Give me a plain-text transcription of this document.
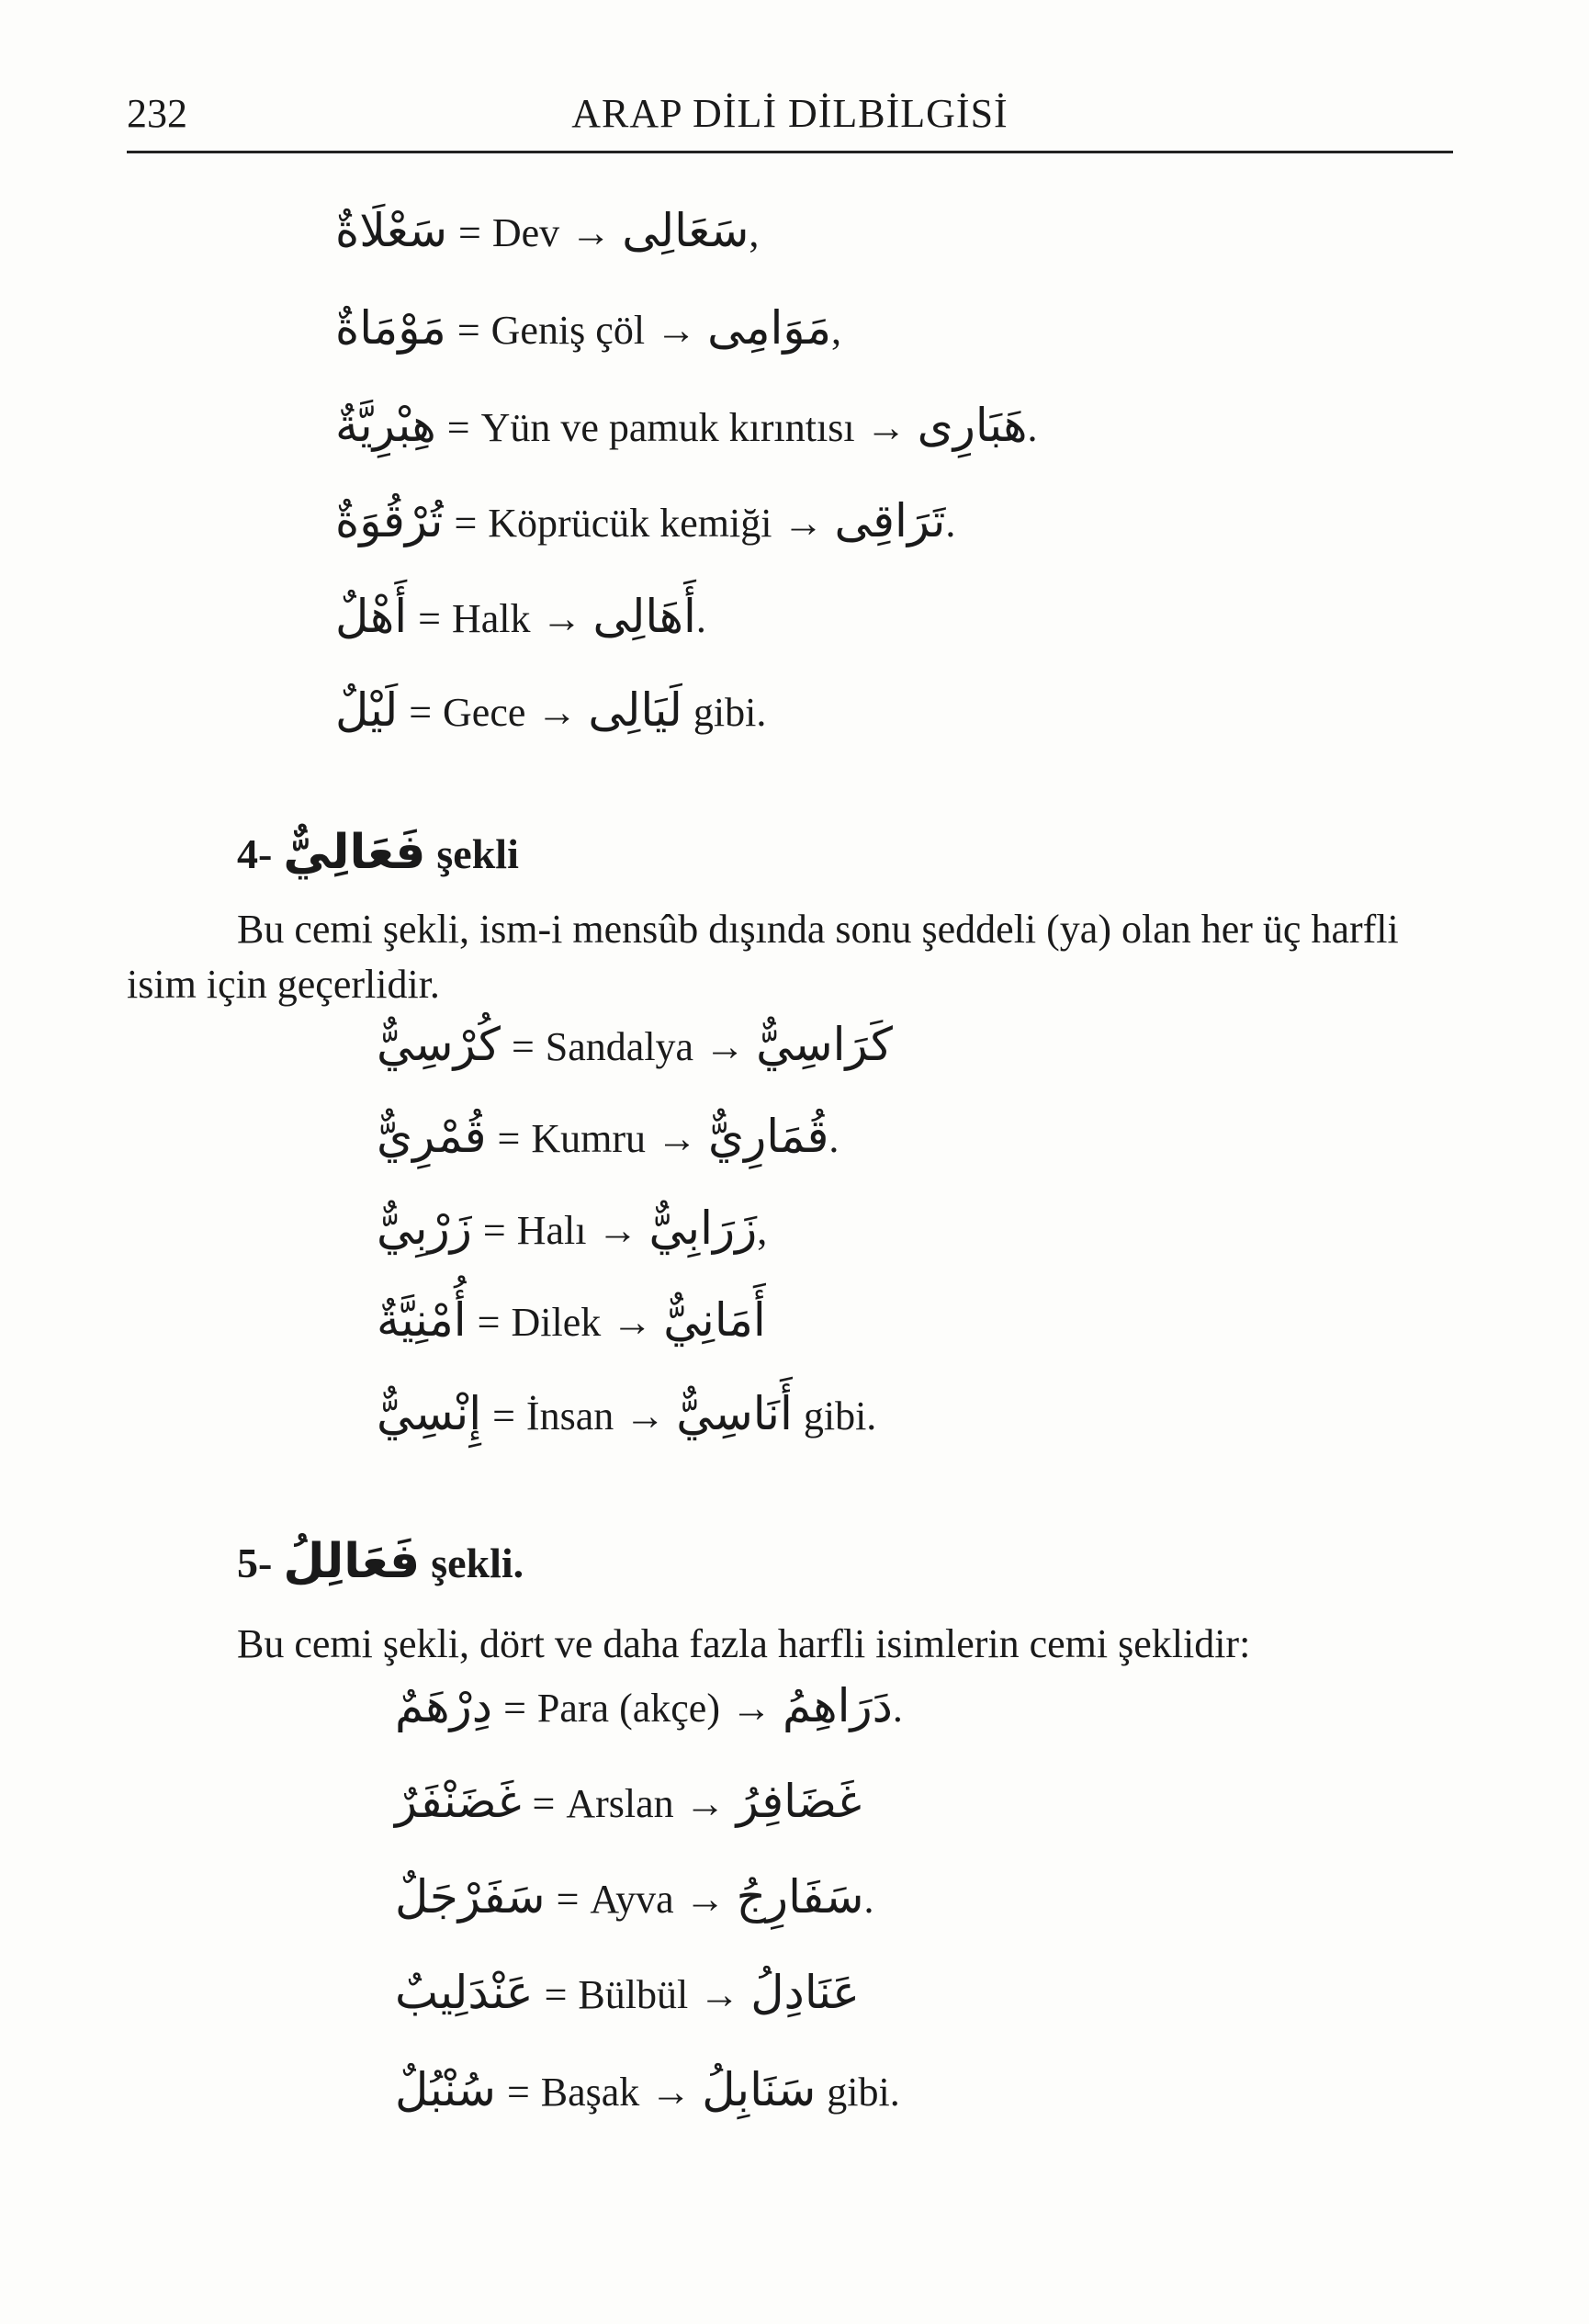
232	ARAP DİLİ DİLBİLGİSİ
سَعْلَاةٌ = Dev → سَعَالِى ,
مَوْمَاةٌ = Geniş çöl → مَوَامِى ,
هِبْرِيَّةٌ = Yün ve pamuk kırıntısı → هَبَارِى .
تُرْقُوَةٌ = Köprücük kemiği → تَرَاقِى .
أَهْلٌ = Halk → أَهَالِى .
لَيْلٌ = Gece → لَيَالِى gibi.
4- فَعَالِيٌّ şekli
Bu cemi şekli, ism-i mensûb dışında sonu şeddeli (ya) olan her üç harfli isim için geçerlidir.
كُرْسِيٌّ = Sandalya → كَرَاسِيٌّ
قُمْرِيٌّ = Kumru → قُمَارِيٌّ .
زَرْبِيٌّ = Halı → زَرَابِيٌّ ,
أُمْنِيَّةٌ = Dilek → أَمَانِيٌّ
إِنْسِيٌّ = İnsan → أَنَاسِيٌّ gibi.
5- فَعَالِلُ şekli.
Bu cemi şekli, dört ve daha fazla harfli isimlerin cemi şeklidir:
دِرْهَمٌ = Para (akçe) → دَرَاهِمُ .
غَضَنْفَرٌ = Arslan → غَضَافِرُ
سَفَرْجَلٌ = Ayva → سَفَارِجُ .
عَنْدَلِيبٌ = Bülbül → عَنَادِلُ
سُنْبُلٌ = Başak → سَنَابِلُ gibi.
